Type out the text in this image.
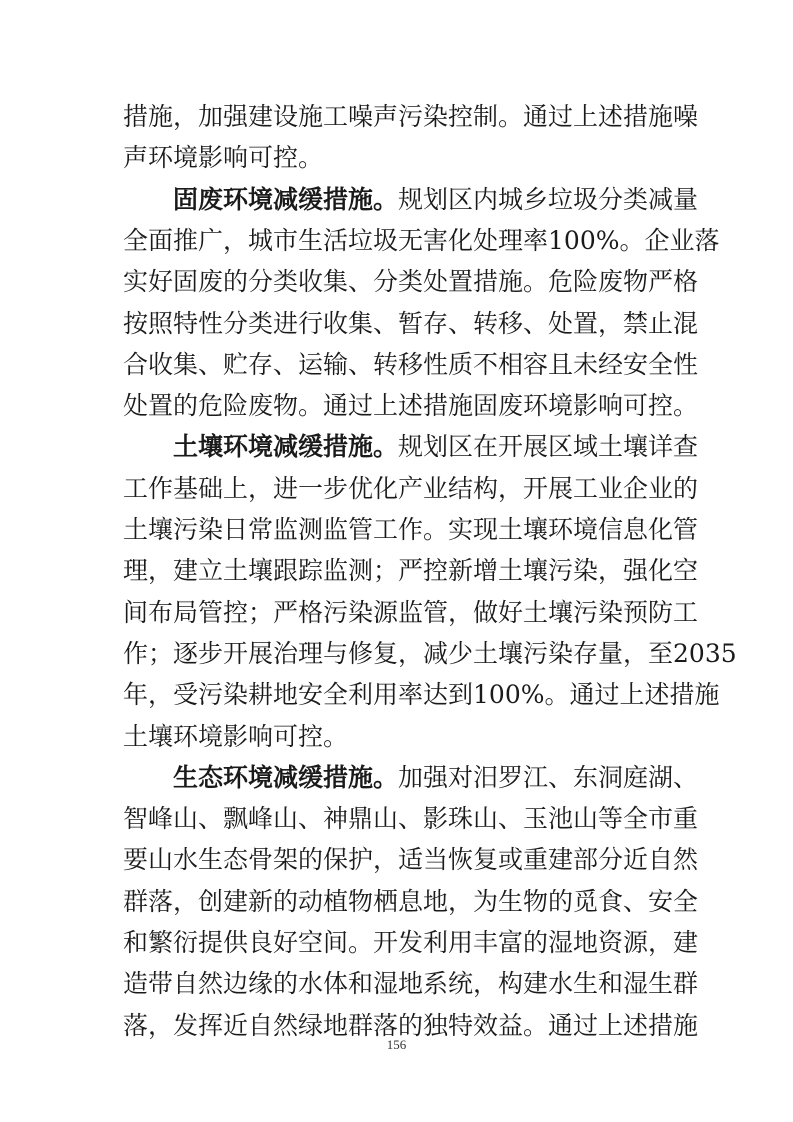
措施，加强建设施工噪声污染控制。通过上述措施噪
声环境影响可控。
固废环境减缓措施。规划区内城乡垃圾分类减量
全面推广，城市生活垃圾无害化处理率100%。企业落
实好固废的分类收集、分类处置措施。危险废物严格
按照特性分类进行收集、暂存、转移、处置，禁止混
合收集、贮存、运输、转移性质不相容且未经安全性
处置的危险废物。通过上述措施固废环境影响可控。
土壤环境减缓措施。规划区在开展区域土壤详查
工作基础上，进一步优化产业结构，开展工业企业的
土壤污染日常监测监管工作。实现土壤环境信息化管
理，建立土壤跟踪监测；严控新增土壤污染，强化空
间布局管控；严格污染源监管，做好土壤污染预防工
作；逐步开展治理与修复，减少土壤污染存量，至2035
年，受污染耕地安全利用率达到100%。通过上述措施
土壤环境影响可控。
生态环境减缓措施。加强对汨罗江、东洞庭湖、
智峰山、飘峰山、神鼎山、影珠山、玉池山等全市重
要山水生态骨架的保护，适当恢复或重建部分近自然
群落，创建新的动植物栖息地，为生物的觅食、安全
和繁衍提供良好空间。开发利用丰富的湿地资源，建
造带自然边缘的水体和湿地系统，构建水生和湿生群
落，发挥近自然绿地群落的独特效益。通过上述措施
156
